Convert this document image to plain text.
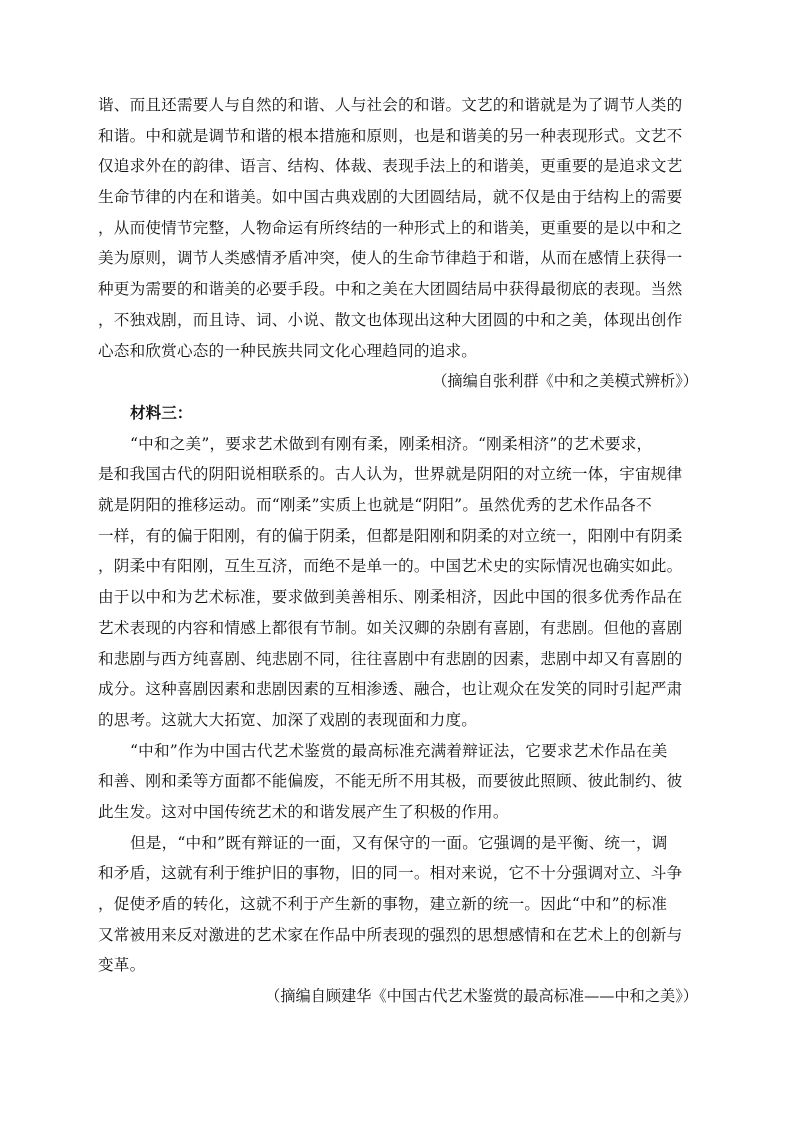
谐、而且还需要人与自然的和谐、人与社会的和谐。文艺的和谐就是为了调节人类的
和谐。中和就是调节和谐的根本措施和原则，也是和谐美的另一种表现形式。文艺不
仅追求外在的韵律、语言、结构、体裁、表现手法上的和谐美，更重要的是追求文艺
生命节律的内在和谐美。如中国古典戏剧的大团圆结局，就不仅是由于结构上的需要
，从而使情节完整，人物命运有所终结的一种形式上的和谐美，更重要的是以中和之
美为原则，调节人类感情矛盾冲突，使人的生命节律趋于和谐，从而在感情上获得一
种更为需要的和谐美的必要手段。中和之美在大团圆结局中获得最彻底的表现。当然
，不独戏剧，而且诗、词、小说、散文也体现出这种大团圆的中和之美，体现出创作
心态和欣赏心态的一种民族共同文化心理趋同的追求。
（摘编自张利群《中和之美模式辨析》）
材料三：
“中和之美”，要求艺术做到有刚有柔，刚柔相济。“刚柔相济”的艺术要求，
是和我国古代的阴阳说相联系的。古人认为，世界就是阴阳的对立统一体，宇宙规律
就是阴阳的推移运动。而“刚柔”实质上也就是“阴阳”。虽然优秀的艺术作品各不
一样，有的偏于阳刚，有的偏于阴柔，但都是阳刚和阴柔的对立统一，阳刚中有阴柔
，阴柔中有阳刚，互生互济，而绝不是单一的。中国艺术史的实际情况也确实如此。
由于以中和为艺术标准，要求做到美善相乐、刚柔相济，因此中国的很多优秀作品在
艺术表现的内容和情感上都很有节制。如关汉卿的杂剧有喜剧，有悲剧。但他的喜剧
和悲剧与西方纯喜剧、纯悲剧不同，往往喜剧中有悲剧的因素，悲剧中却又有喜剧的
成分。这种喜剧因素和悲剧因素的互相渗透、融合，也让观众在发笑的同时引起严肃
的思考。这就大大拓宽、加深了戏剧的表现面和力度。
“中和”作为中国古代艺术鉴赏的最高标准充满着辩证法，它要求艺术作品在美
和善、刚和柔等方面都不能偏废，不能无所不用其极，而要彼此照顾、彼此制约、彼
此生发。这对中国传统艺术的和谐发展产生了积极的作用。
但是，“中和”既有辩证的一面，又有保守的一面。它强调的是平衡、统一，调
和矛盾，这就有利于维护旧的事物，旧的同一。相对来说，它不十分强调对立、斗争
，促使矛盾的转化，这就不利于产生新的事物，建立新的统一。因此“中和”的标准
又常被用来反对激进的艺术家在作品中所表现的强烈的思想感情和在艺术上的创新与
变革。
（摘编自顾建华《中国古代艺术鉴赏的最高标准——中和之美》）
